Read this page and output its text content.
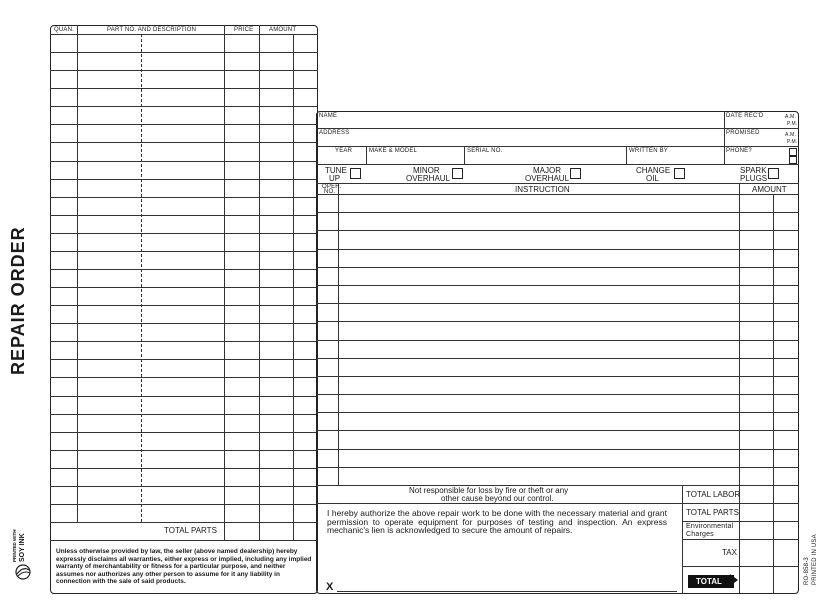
REPAIR ORDER
PRINTED WITH SOY INK
QUAN.	PART NO. AND DESCRIPTION	PRICE	AMOUNT
TOTAL PARTS
Unless otherwise provided by law, the seller (above named dealership) hereby expressly disclaims all warranties, either express or implied, including any implied warranty of merchantability or fitness for a particular purpose, and neither assumes nor authorizes any other person to assume for it any liability in connection with the sale of said products.
NAME	DATE REC'D	A.M.
P.M.
ADDRESS	PROMISED	A.M.
P.M.
YEAR	MAKE & MODEL	SERIAL NO.	WRITTEN BY	PHONE?
TUNE
UP
MINOR
OVERHAUL
MAJOR
OVERHAUL
CHANGE
OIL
SPARK
PLUGS
OPER.
NO.	INSTRUCTION	AMOUNT
Not responsible for loss by fire or theft or any
other cause beyond our control.
I hereby authorize the above repair work to be done with the necessary material and grant permission to operate equipment for purposes of testing and inspection. An express mechanic's lien is acknowledged to secure the amount of repairs.
X
TOTAL LABOR
TOTAL PARTS
Environmental
Charges
TAX
TOTAL	RO-858-3 PRINTED IN USA
